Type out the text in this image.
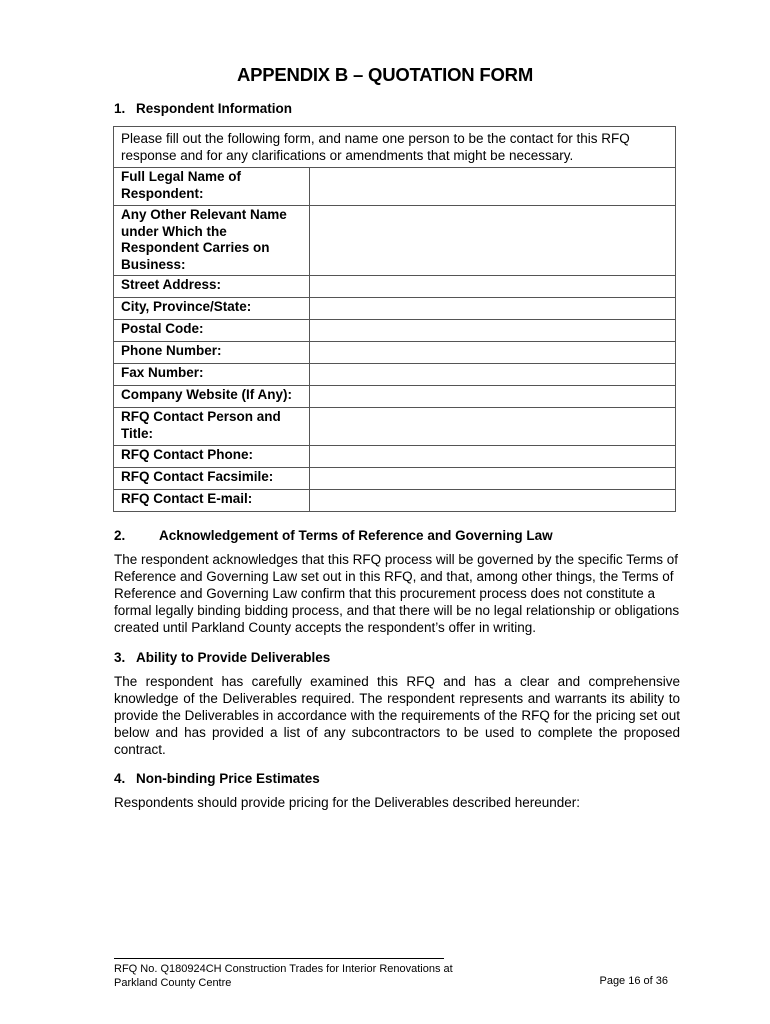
APPENDIX B – QUOTATION FORM
1. Respondent Information
Please fill out the following form, and name one person to be the contact for this RFQ response and for any clarifications or amendments that might be necessary.	
Full Legal Name of Respondent:	
Any Other Relevant Name under Which the Respondent Carries on Business:	
Street Address:	
City, Province/State:	
Postal Code:	
Phone Number:	
Fax Number:	
Company Website (If Any):	
RFQ Contact Person and Title:	
RFQ Contact Phone:	
RFQ Contact Facsimile:	
RFQ Contact E-mail:	
2. Acknowledgement of Terms of Reference and Governing Law
The respondent acknowledges that this RFQ process will be governed by the specific Terms of Reference and Governing Law set out in this RFQ, and that, among other things, the Terms of Reference and Governing Law confirm that this procurement process does not constitute a formal legally binding bidding process, and that there will be no legal relationship or obligations created until Parkland County accepts the respondent’s offer in writing.
3. Ability to Provide Deliverables
The respondent has carefully examined this RFQ and has a clear and comprehensive knowledge of the Deliverables required. The respondent represents and warrants its ability to provide the Deliverables in accordance with the requirements of the RFQ for the pricing set out below and has provided a list of any subcontractors to be used to complete the proposed contract.
4. Non-binding Price Estimates
Respondents should provide pricing for the Deliverables described hereunder:
RFQ No. Q180924CH Construction Trades for Interior Renovations at
Parkland County Centre	Page 16 of 36
